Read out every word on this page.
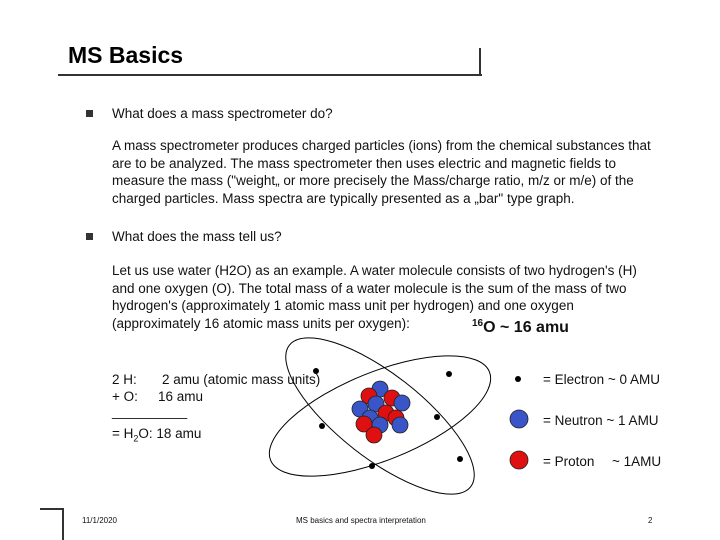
MS Basics
What does a mass spectrometer do?
A mass spectrometer produces charged particles (ions) from the chemical substances that
are to be analyzed. The mass spectrometer then uses electric and magnetic fields to
measure the mass ("weight„ or more precisely the Mass/charge ratio, m/z or m/e) of the
charged particles. Mass spectra are typically presented as a „bar" type graph.
What does the mass tell us?
Let us use water (H2O) as an example. A water molecule consists of two hydrogen's (H)
and one oxygen (O). The total mass of a water molecule is the sum of the mass of two
hydrogen's (approximately 1 atomic mass unit per hydrogen) and one oxygen
(approximately 16 atomic mass units per oxygen):	$^{16}$O ~ 16 amu
2 H: 2 amu (atomic mass units)
+ O: 16 amu
__________
= $H_2O$: 18 amu
= Electron ~ 0 AMU
= Neutron ~ 1 AMU
= Proton ~ 1AMU
11/1/2020	MS basics and spectra interpretation	2
